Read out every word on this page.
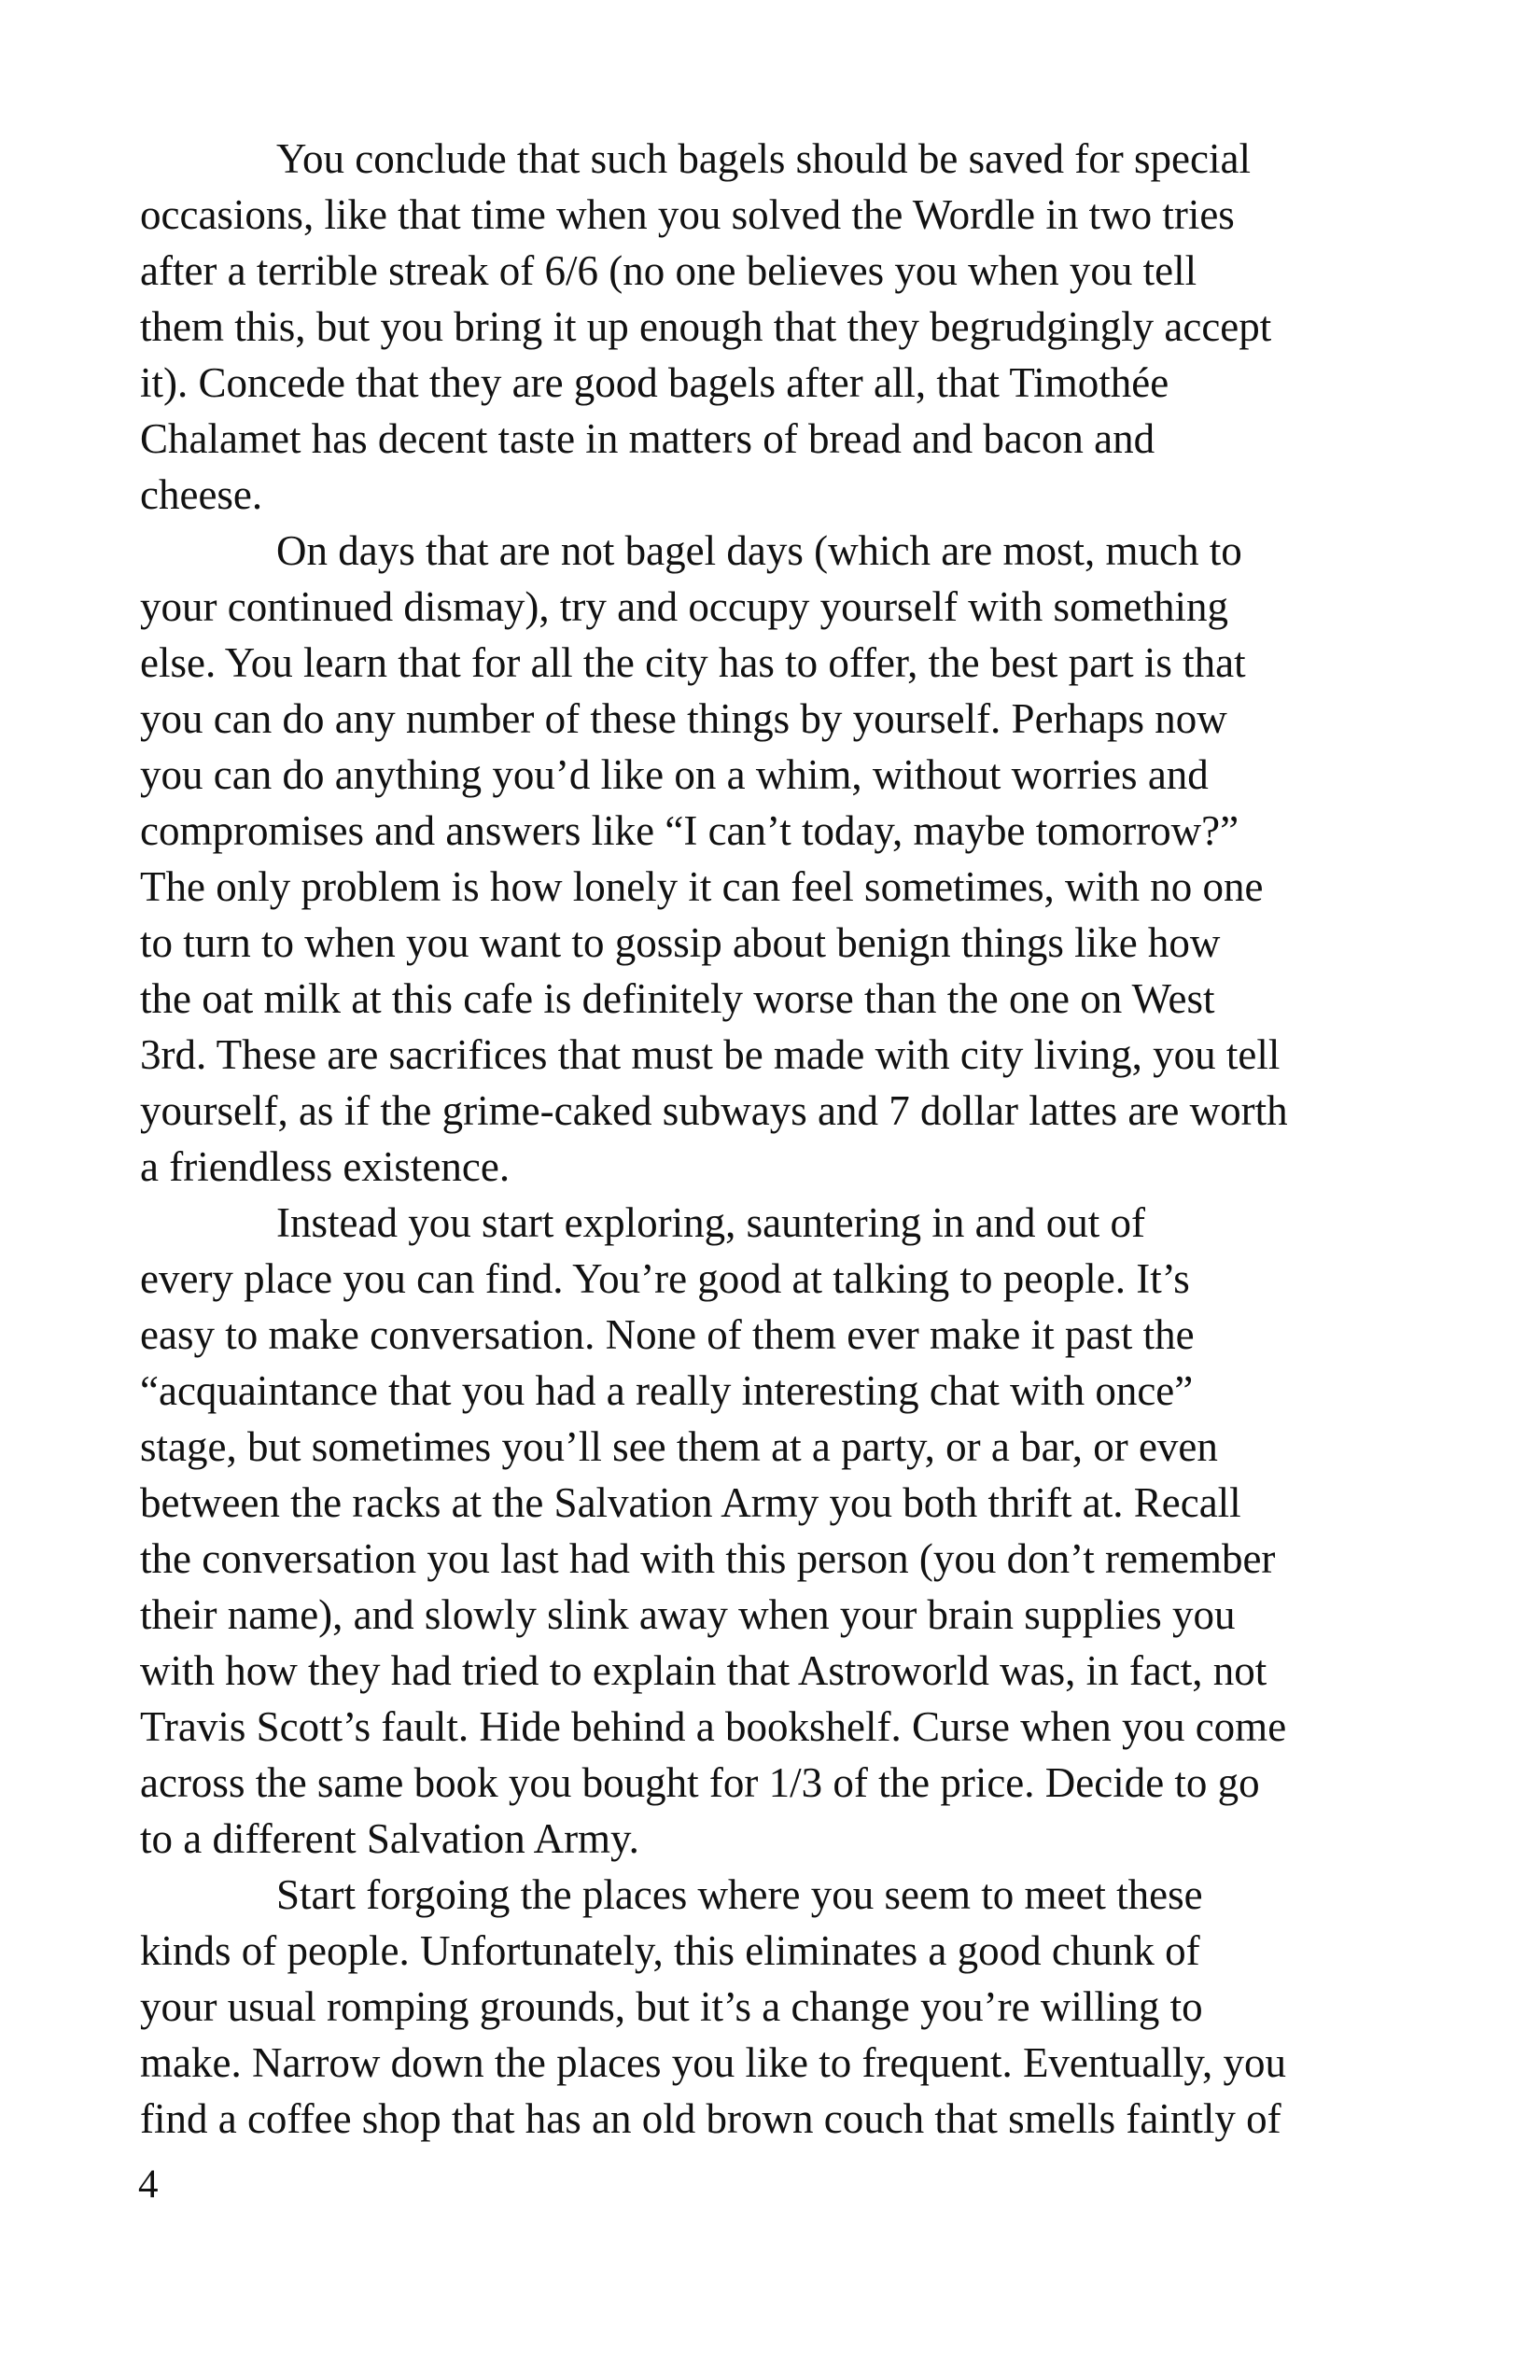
You conclude that such bagels should be saved for special
occasions, like that time when you solved the Wordle in two tries
after a terrible streak of 6/6 (no one believes you when you tell
them this, but you bring it up enough that they begrudgingly accept
it). Concede that they are good bagels after all, that Timothée
Chalamet has decent taste in matters of bread and bacon and
cheese.

On days that are not bagel days (which are most, much to
your continued dismay), try and occupy yourself with something
else. You learn that for all the city has to offer, the best part is that
you can do any number of these things by yourself. Perhaps now
you can do anything you’d like on a whim, without worries and
compromises and answers like “I can’t today, maybe tomorrow?”
The only problem is how lonely it can feel sometimes, with no one
to turn to when you want to gossip about benign things like how
the oat milk at this cafe is definitely worse than the one on West
3rd. These are sacrifices that must be made with city living, you tell
yourself, as if the grime-caked subways and 7 dollar lattes are worth
a friendless existence.

Instead you start exploring, sauntering in and out of
every place you can find. You’re good at talking to people. It’s
easy to make conversation. None of them ever make it past the
“acquaintance that you had a really interesting chat with once”
stage, but sometimes you’ll see them at a party, or a bar, or even
between the racks at the Salvation Army you both thrift at. Recall
the conversation you last had with this person (you don’t remember
their name), and slowly slink away when your brain supplies you
with how they had tried to explain that Astroworld was, in fact, not
Travis Scott’s fault. Hide behind a bookshelf. Curse when you come
across the same book you bought for 1/3 of the price. Decide to go
to a different Salvation Army.

Start forgoing the places where you seem to meet these
kinds of people. Unfortunately, this eliminates a good chunk of
your usual romping grounds, but it’s a change you’re willing to
make. Narrow down the places you like to frequent. Eventually, you
find a coffee shop that has an old brown couch that smells faintly of

4
